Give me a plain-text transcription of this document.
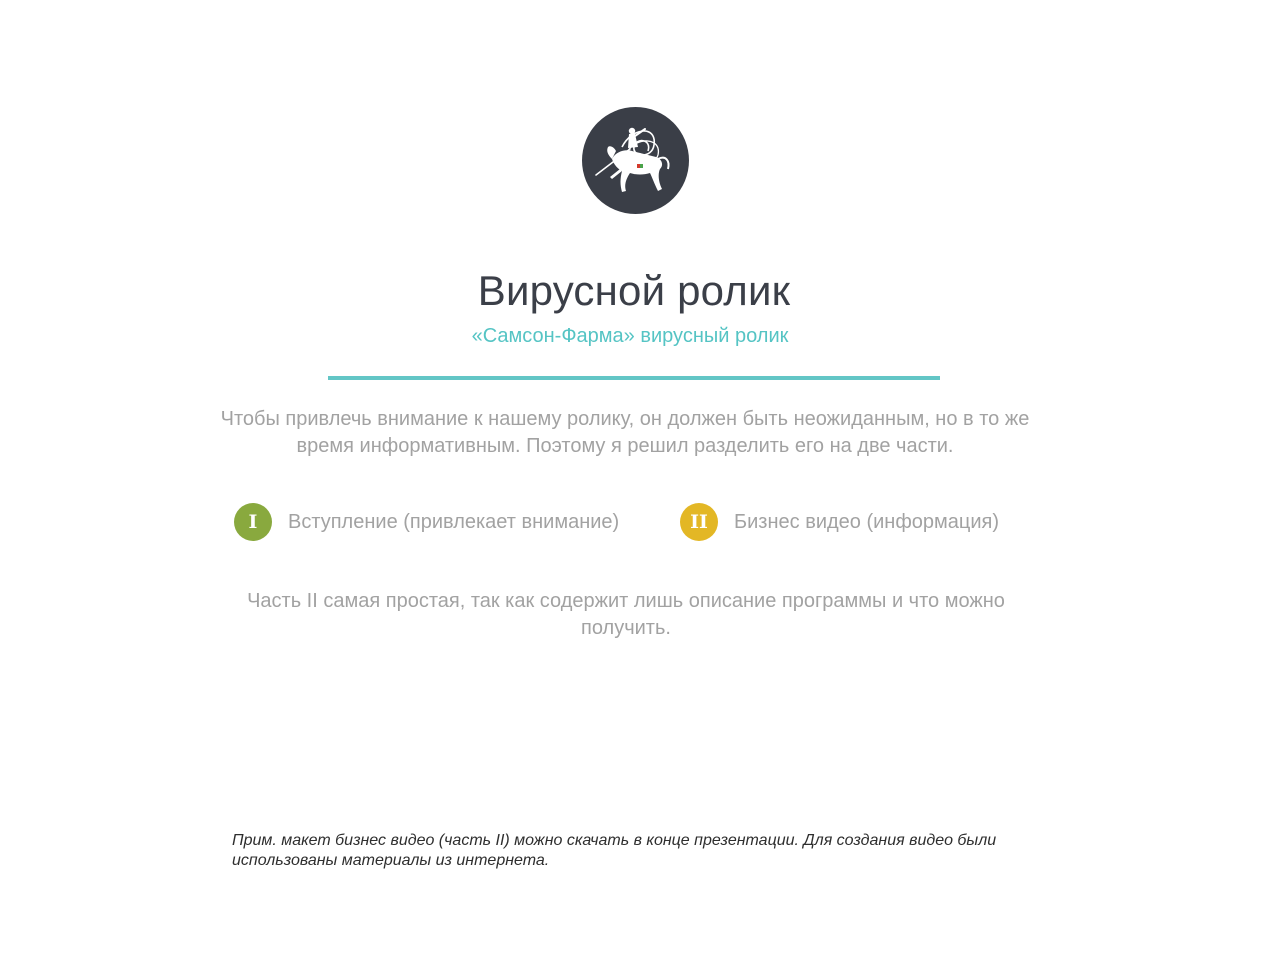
Вирусной ролик
«Самсон-Фарма» вирусный ролик
Чтобы привлечь внимание к нашему ролику, он должен быть неожиданным, но в то же время информативным. Поэтому я решил разделить его на две части.
I	Вступление (привлекает внимание)	II	Бизнес видео (информация)
Часть II самая простая, так как содержит лишь описание программы и что можно получить.
Прим. макет бизнес видео (часть II) можно скачать в конце презентации. Для создания видео были использованы материалы из интернета.
